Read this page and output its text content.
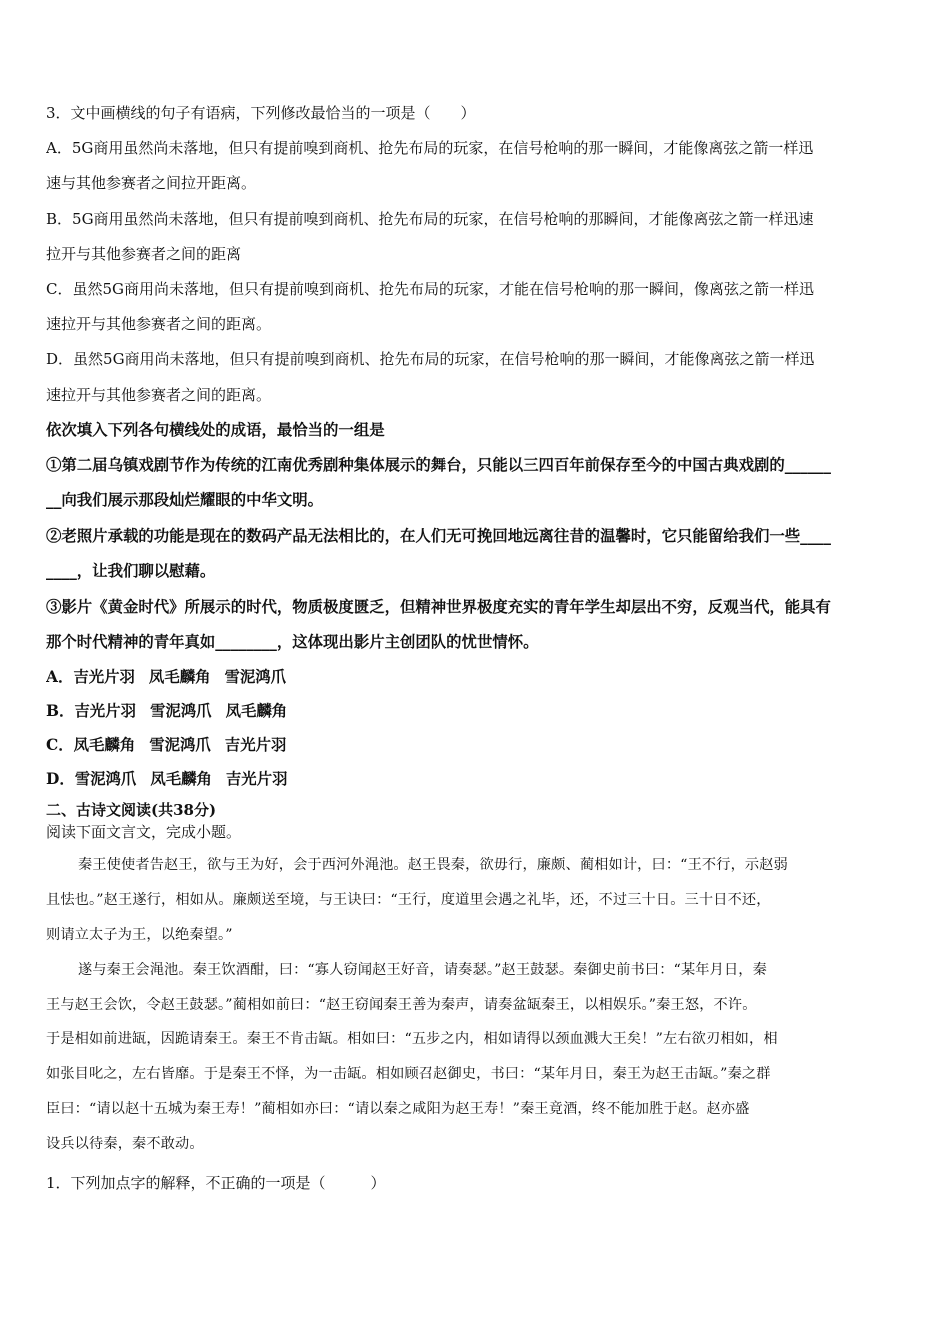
3．文中画横线的句子有语病，下列修改最恰当的一项是（　　）
A．5G商用虽然尚未落地，但只有提前嗅到商机、抢先布局的玩家，在信号枪响的那一瞬间，才能像离弦之箭一样迅
速与其他参赛者之间拉开距离。
B．5G商用虽然尚未落地，但只有提前嗅到商机、抢先布局的玩家，在信号枪响的那瞬间，才能像离弦之箭一样迅速
拉开与其他参赛者之间的距离
C．虽然5G商用尚未落地，但只有提前嗅到商机、抢先布局的玩家，才能在信号枪响的那一瞬间，像离弦之箭一样迅
速拉开与其他参赛者之间的距离。
D．虽然5G商用尚未落地，但只有提前嗅到商机、抢先布局的玩家，在信号枪响的那一瞬间，才能像离弦之箭一样迅
速拉开与其他参赛者之间的距离。
依次填入下列各句横线处的成语，最恰当的一组是
①第二届乌镇戏剧节作为传统的江南优秀剧种集体展示的舞台，只能以三四百年前保存至今的中国古典戏剧的______
__向我们展示那段灿烂耀眼的中华文明。
②老照片承载的功能是现在的数码产品无法相比的，在人们无可挽回地远离往昔的温馨时，它只能留给我们一些____
____，让我们聊以慰藉。
③影片《黄金时代》所展示的时代，物质极度匮乏，但精神世界极度充实的青年学生却层出不穷，反观当代，能具有
那个时代精神的青年真如________，这体现出影片主创团队的忧世情怀。
A．吉光片羽 凤毛麟角 雪泥鸿爪
B．吉光片羽 雪泥鸿爪 凤毛麟角
C．凤毛麟角 雪泥鸿爪 吉光片羽
D．雪泥鸿爪 凤毛麟角 吉光片羽
二、古诗文阅读(共38分)
阅读下面文言文，完成小题。
秦王使使者告赵王，欲与王为好，会于西河外渑池。赵王畏秦，欲毋行，廉颇、蔺相如计，曰：“王不行，示赵弱
且怯也。”赵王遂行，相如从。廉颇送至境，与王诀曰：“王行，度道里会遇之礼毕，还，不过三十日。三十日不还，
则请立太子为王，以绝秦望。”
遂与秦王会渑池。秦王饮酒酣，曰：“寡人窃闻赵王好音，请奏瑟。”赵王鼓瑟。秦御史前书曰：“某年月日，秦
王与赵王会饮，令赵王鼓瑟。”蔺相如前曰：“赵王窃闻秦王善为秦声，请奏盆缻秦王，以相娱乐。”秦王怒，不许。
于是相如前进缻，因跪请秦王。秦王不肯击缻。相如曰：“五步之内，相如请得以颈血溅大王矣！”左右欲刃相如，相
如张目叱之，左右皆靡。于是秦王不怿，为一击缻。相如顾召赵御史，书曰：“某年月日，秦王为赵王击缻。”秦之群
臣曰：“请以赵十五城为秦王寿！”蔺相如亦曰：“请以秦之咸阳为赵王寿！”秦王竟酒，终不能加胜于赵。赵亦盛
设兵以待秦，秦不敢动。
1．下列加点字的解释，不正确的一项是（　　　）
